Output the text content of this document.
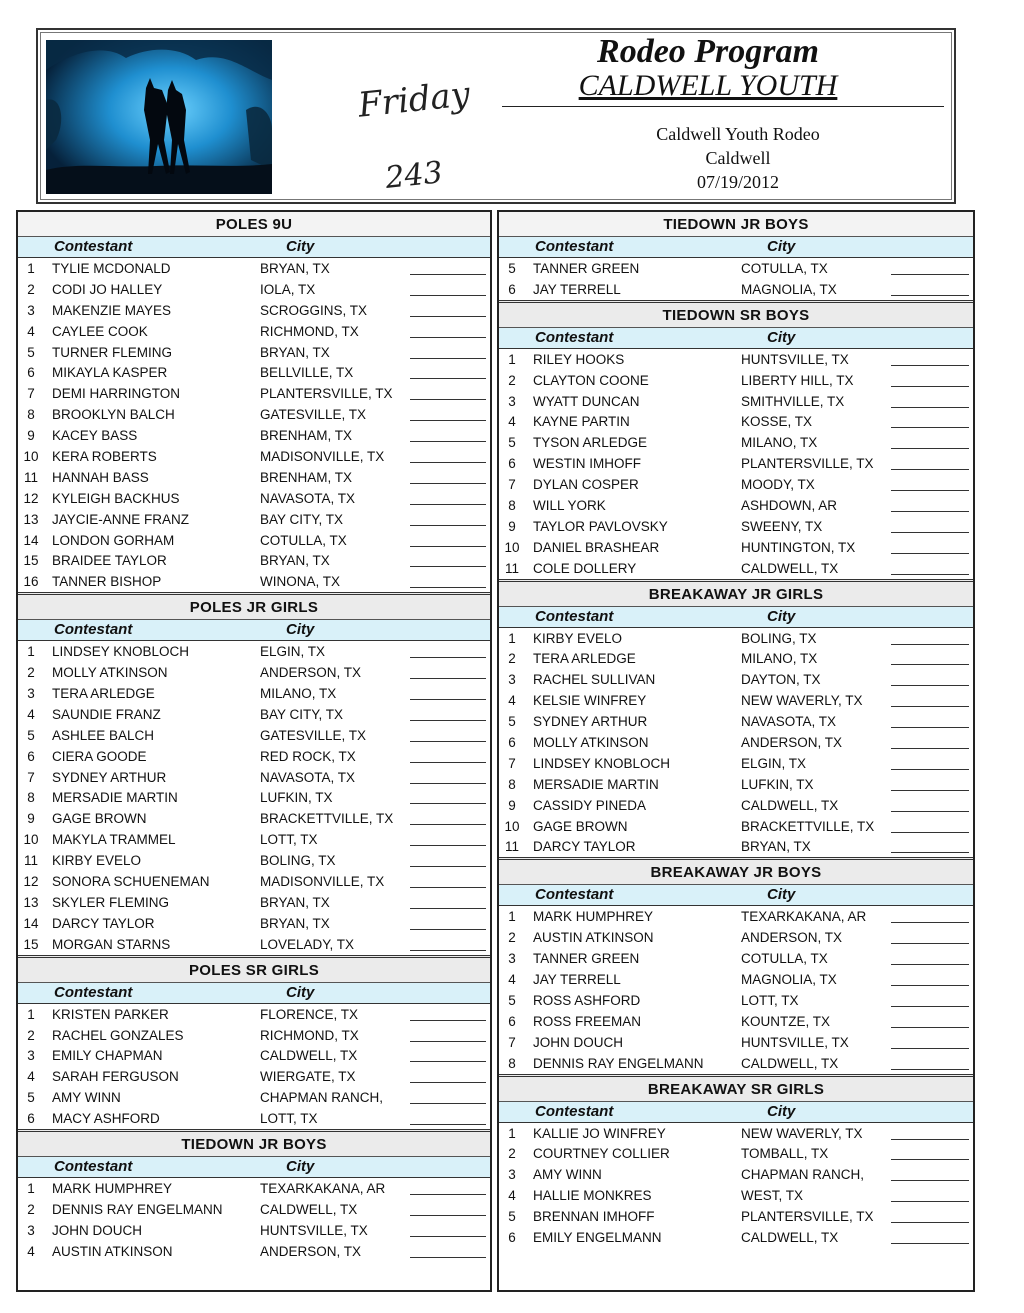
Friday
243
Rodeo Program
CALDWELL YOUTH
Caldwell Youth Rodeo
Caldwell
07/19/2012
POLES 9U
Contestant	City
1	TYLIE MCDONALD	BRYAN, TX
2	CODI JO HALLEY	IOLA, TX
3	MAKENZIE MAYES	SCROGGINS, TX
4	CAYLEE COOK	RICHMOND, TX
5	TURNER FLEMING	BRYAN, TX
6	MIKAYLA KASPER	BELLVILLE, TX
7	DEMI HARRINGTON	PLANTERSVILLE, TX
8	BROOKLYN BALCH	GATESVILLE, TX
9	KACEY BASS	BRENHAM, TX
10 KERA ROBERTS	MADISONVILLE, TX
11	HANNAH BASS	BRENHAM, TX
12 KYLEIGH BACKHUS	NAVASOTA, TX
13 JAYCIE-ANNE FRANZ	BAY CITY, TX
14 LONDON GORHAM	COTULLA, TX
15 BRAIDEE TAYLOR	BRYAN, TX
16 TANNER BISHOP	WINONA, TX
POLES JR GIRLS
Contestant	City
1	LINDSEY KNOBLOCH	ELGIN, TX
2	MOLLY ATKINSON	ANDERSON, TX
3	TERA ARLEDGE	MILANO, TX
4	SAUNDIE FRANZ	BAY CITY, TX
5	ASHLEE BALCH	GATESVILLE, TX
6	CIERA GOODE	RED ROCK, TX
7	SYDNEY ARTHUR	NAVASOTA, TX
8	MERSADIE MARTIN	LUFKIN, TX
9	GAGE BROWN	BRACKETTVILLE, TX
10 MAKYLA TRAMMEL	LOTT, TX
11	KIRBY EVELO	BOLING, TX
12 SONORA SCHUENEMAN	MADISONVILLE, TX
13 SKYLER FLEMING	BRYAN, TX
14 DARCY TAYLOR	BRYAN, TX
15 MORGAN STARNS	LOVELADY, TX
POLES SR GIRLS
Contestant	City
1	KRISTEN PARKER	FLORENCE, TX
2	RACHEL GONZALES	RICHMOND, TX
3	EMILY CHAPMAN	CALDWELL, TX
4	SARAH FERGUSON	WIERGATE, TX
5	AMY WINN	CHAPMAN RANCH,
6	MACY ASHFORD	LOTT, TX
TIEDOWN JR BOYS
Contestant	City
1	MARK HUMPHREY	TEXARKAKANA, AR
2	DENNIS RAY ENGELMANN	CALDWELL, TX
3	JOHN DOUCH	HUNTSVILLE, TX
4	AUSTIN ATKINSON	ANDERSON, TX
TIEDOWN JR BOYS
Contestant	City
5	TANNER GREEN	COTULLA, TX
6	JAY TERRELL	MAGNOLIA, TX
TIEDOWN SR BOYS
Contestant	City
1	RILEY HOOKS	HUNTSVILLE, TX
2	CLAYTON COONE	LIBERTY HILL, TX
3	WYATT DUNCAN	SMITHVILLE, TX
4	KAYNE PARTIN	KOSSE, TX
5	TYSON ARLEDGE	MILANO, TX
6	WESTIN IMHOFF	PLANTERSVILLE, TX
7	DYLAN COSPER	MOODY, TX
8	WILL YORK	ASHDOWN, AR
9	TAYLOR PAVLOVSKY	SWEENY, TX
10 DANIEL BRASHEAR	HUNTINGTON, TX
11	COLE DOLLERY	CALDWELL, TX
BREAKAWAY JR GIRLS
Contestant	City
1	KIRBY EVELO	BOLING, TX
2	TERA ARLEDGE	MILANO, TX
3	RACHEL SULLIVAN	DAYTON, TX
4	KELSIE WINFREY	NEW WAVERLY, TX
5	SYDNEY ARTHUR	NAVASOTA, TX
6	MOLLY ATKINSON	ANDERSON, TX
7	LINDSEY KNOBLOCH	ELGIN, TX
8	MERSADIE MARTIN	LUFKIN, TX
9	CASSIDY PINEDA	CALDWELL, TX
10 GAGE BROWN	BRACKETTVILLE, TX
11	DARCY TAYLOR	BRYAN, TX
BREAKAWAY JR BOYS
Contestant	City
1	MARK HUMPHREY	TEXARKAKANA, AR
2	AUSTIN ATKINSON	ANDERSON, TX
3	TANNER GREEN	COTULLA, TX
4	JAY TERRELL	MAGNOLIA, TX
5	ROSS ASHFORD	LOTT, TX
6	ROSS FREEMAN	KOUNTZE, TX
7	JOHN DOUCH	HUNTSVILLE, TX
8	DENNIS RAY ENGELMANN	CALDWELL, TX
BREAKAWAY SR GIRLS
Contestant	City
1	KALLIE JO WINFREY	NEW WAVERLY, TX
2	COURTNEY COLLIER	TOMBALL, TX
3	AMY WINN	CHAPMAN RANCH,
4	HALLIE MONKRES	WEST, TX
5	BRENNAN IMHOFF	PLANTERSVILLE, TX
6	EMILY ENGELMANN	CALDWELL, TX
